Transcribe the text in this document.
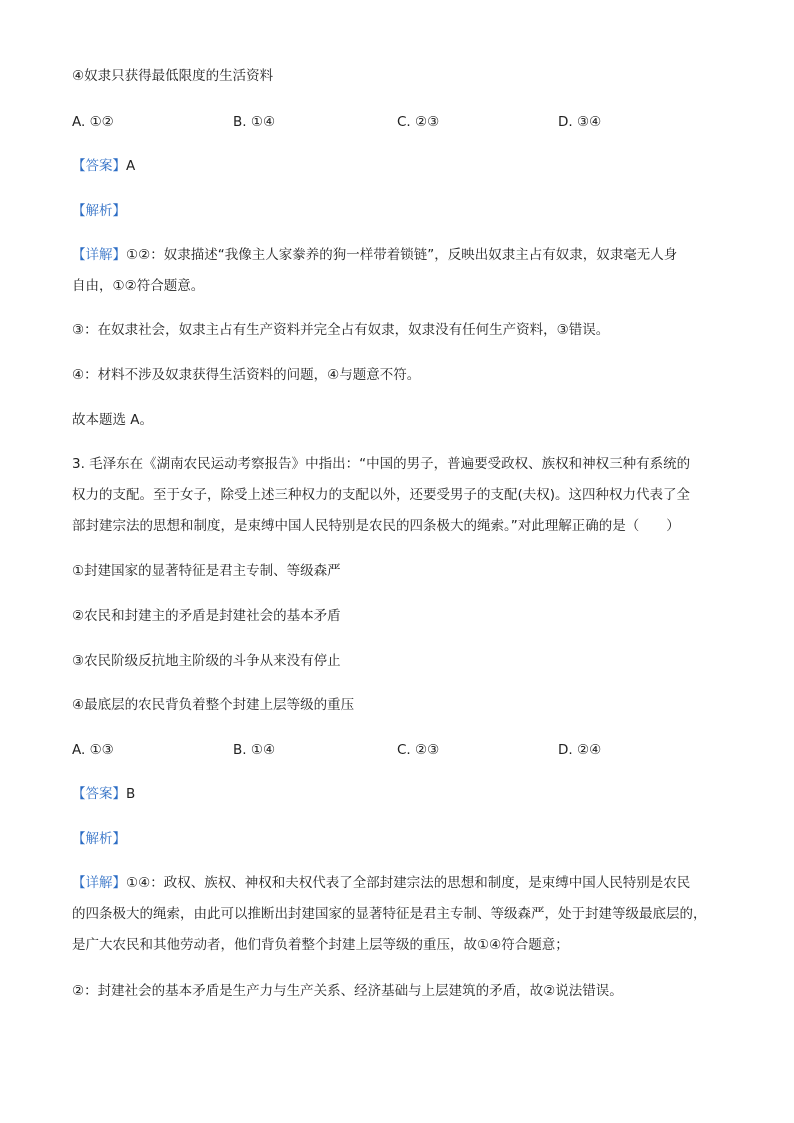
④奴隶只获得最低限度的生活资料
A. ①②	B. ①④	C. ②③	D. ③④
【答案】A
【解析】
【详解】①②：奴隶描述“我像主人家豢养的狗一样带着锁链”，反映出奴隶主占有奴隶，奴隶毫无人身
自由，①②符合题意。
③：在奴隶社会，奴隶主占有生产资料并完全占有奴隶，奴隶没有任何生产资料，③错误。
④：材料不涉及奴隶获得生活资料的问题，④与题意不符。
故本题选 A。
3. 毛泽东在《湖南农民运动考察报告》中指出：“中国的男子，普遍要受政权、族权和神权三种有系统的
权力的支配。至于女子，除受上述三种权力的支配以外，还要受男子的支配(夫权)。这四种权力代表了全
部封建宗法的思想和制度，是束缚中国人民特别是农民的四条极大的绳索。”对此理解正确的是（　　）
①封建国家的显著特征是君主专制、等级森严
②农民和封建主的矛盾是封建社会的基本矛盾
③农民阶级反抗地主阶级的斗争从来没有停止
④最底层的农民背负着整个封建上层等级的重压
A. ①③	B. ①④	C. ②③	D. ②④
【答案】B
【解析】
【详解】①④：政权、族权、神权和夫权代表了全部封建宗法的思想和制度，是束缚中国人民特别是农民
的四条极大的绳索，由此可以推断出封建国家的显著特征是君主专制、等级森严，处于封建等级最底层的，
是广大农民和其他劳动者，他们背负着整个封建上层等级的重压，故①④符合题意；
②：封建社会的基本矛盾是生产力与生产关系、经济基础与上层建筑的矛盾，故②说法错误。
